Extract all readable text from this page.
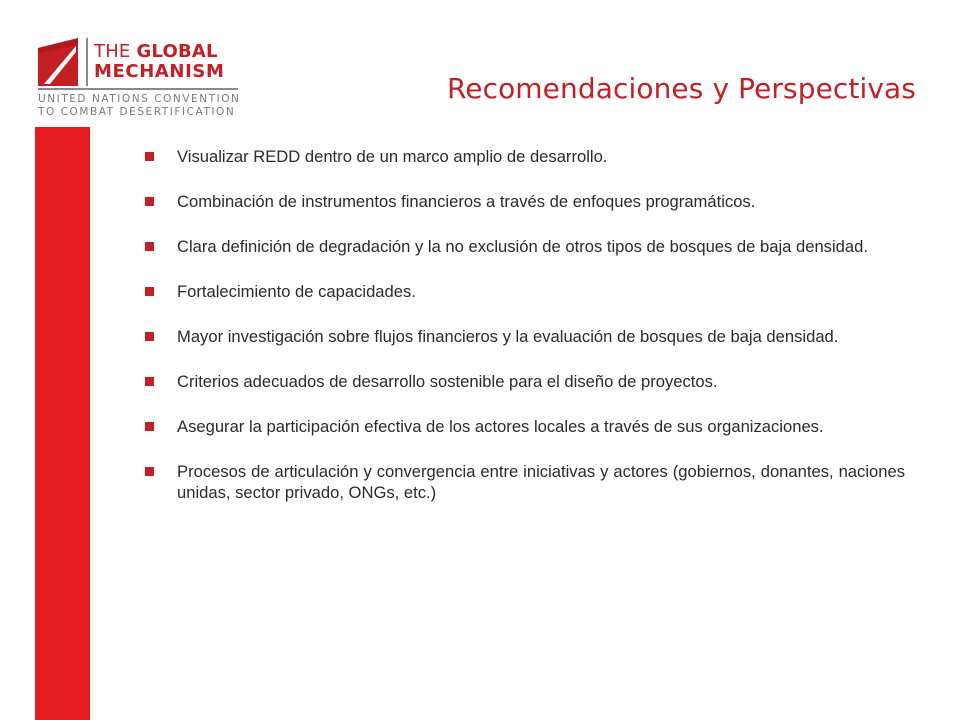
THE GLOBAL
MECHANISM
UNITED NATIONS CONVENTION
TO COMBAT DESERTIFICATION
Recomendaciones y Perspectivas
Visualizar REDD dentro de un marco amplio de desarrollo.
Combinación de instrumentos financieros a través de enfoques programáticos.
Clara definición de degradación y la no exclusión de otros tipos de bosques de baja densidad.
Fortalecimiento de capacidades.
Mayor investigación sobre flujos financieros y la evaluación de bosques de baja densidad.
Criterios adecuados de desarrollo sostenible para el diseño de proyectos.
Asegurar la participación efectiva de los actores locales a través de sus organizaciones.
Procesos de articulación y convergencia entre iniciativas y actores (gobiernos, donantes, naciones unidas, sector privado, ONGs, etc.)
